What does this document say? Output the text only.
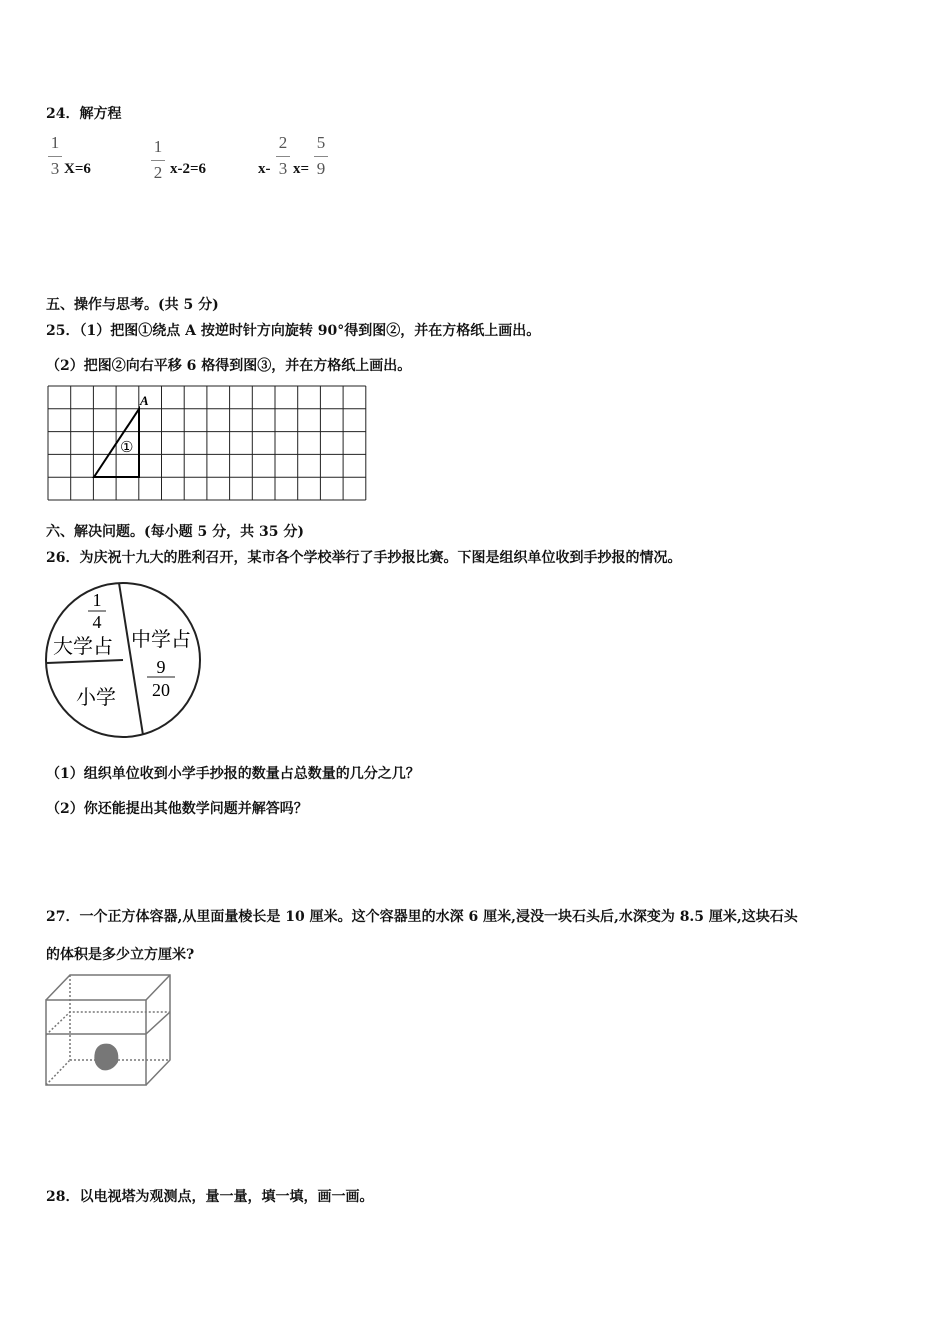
24．解方程
1
3 X=6
1
2 x-2=6	x-
2
3 x=
5
9
五、操作与思考。(共 5 分)
25．（1）把图①绕点 A 按逆时针方向旋转 90°得到图②，并在方格纸上画出。
（2）把图②向右平移 6 格得到图③，并在方格纸上画出。
A
①
六、解决问题。(每小题 5 分，共 35 分)
26．为庆祝十九大的胜利召开，某市各个学校举行了手抄报比赛。下图是组织单位收到手抄报的情况。
1
4
大学占 中学占
9
20
小学
（1）组织单位收到小学手抄报的数量占总数量的几分之几？
（2）你还能提出其他数学问题并解答吗？
27．一个正方体容器,从里面量棱长是 10 厘米。这个容器里的水深 6 厘米,浸没一块石头后,水深变为 8.5 厘米,这块石头
的体积是多少立方厘米?
28．以电视塔为观测点，量一量，填一填，画一画。
